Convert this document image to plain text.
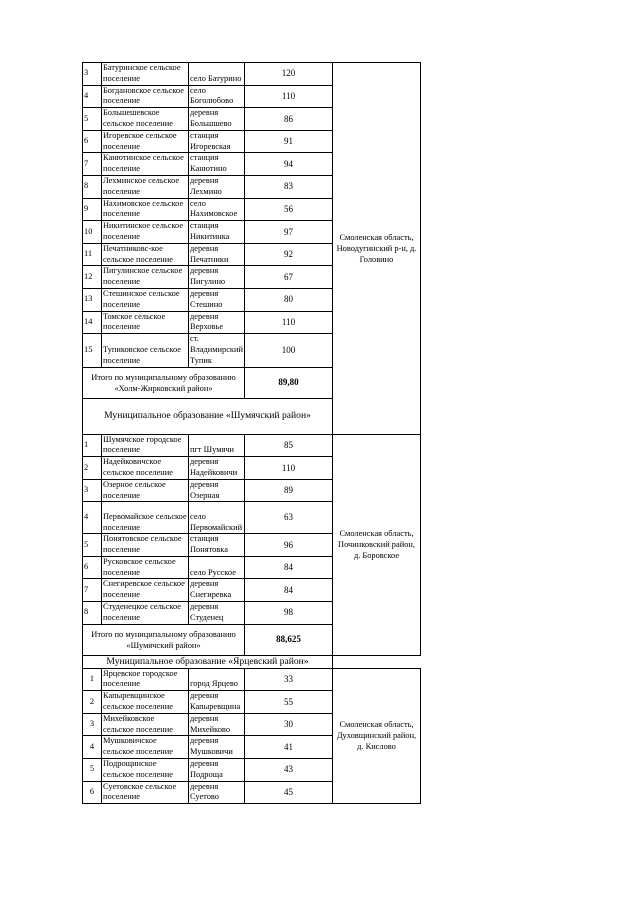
3	Батуринское сельское поселение	село Батурино	120	Смоленская область, Новодугинский р-н, д. Головино
4	Богдановское сельское поселение	село Боголюбово	110	
5	Большешевское сельское поселение	деревня Большшево	86	
6	Игоревское сельское поселение	станция Игоревская	91	
7	Канютинское сельское поселение	станция Канютино	94	
8	Лехминское сельское поселение	деревня Лехмино	83	
9	Нахимовское сельское поселение	село Нахимовское	56	
10	Никитинское сельское поселение	станция Никитинка	97	
11	Печатниковс-кое сельское поселение	деревня Печатники	92	
12	Пигулинское сельское поселение	деревня Пигулино	67	
13	Стешинское сельское поселение	деревня Стешино	80	
14	Томское сельское поселение	деревня Верховье	110	
15	Тупиковское сельское поселение	ст. Владимирский Тупик	100	
Итого по муниципальному образованию «Холм-Жирковский район»			89,80	
Муниципальное образование «Шумячский район»				
1	Шумячское городское поселение	пгт Шумячи	85	Смоленская область, Починковский район, д. Боровское
2	Надейковичское сельское поселение	деревня Надейковичи	110	
3	Озерное сельское поселение	деревня Озерная	89	
4	Первомайское сельское поселение	село Первомайский	63	
5	Понятовское сельское поселение	станция Понятовка	96	
6	Русковское сельское поселение	село Русское	84	
7	Снегиревское сельское поселение	деревня Снегиревка	84	
8	Студенецкое сельское поселение	деревня Студенец	98	
Итого по муниципальному образованию «Шумячский район»			88,625	
Муниципальное образование «Ярцевский район»				
1	Ярцевское городское поселение	город Ярцево	33	Смоленская область, Духовщинский район, д. Кислово
2	Капыревщинское сельское поселение	деревня Капыревщина	55	
3	Михейковское сельское поселение	деревня Михейково	30	
4	Мушковичское сельское поселение	деревня Мушковичи	41	
5	Подрощинское сельское поселение	деревня Подроща	43	
6	Суетовское сельское поселение	деревня Суетово	45	
